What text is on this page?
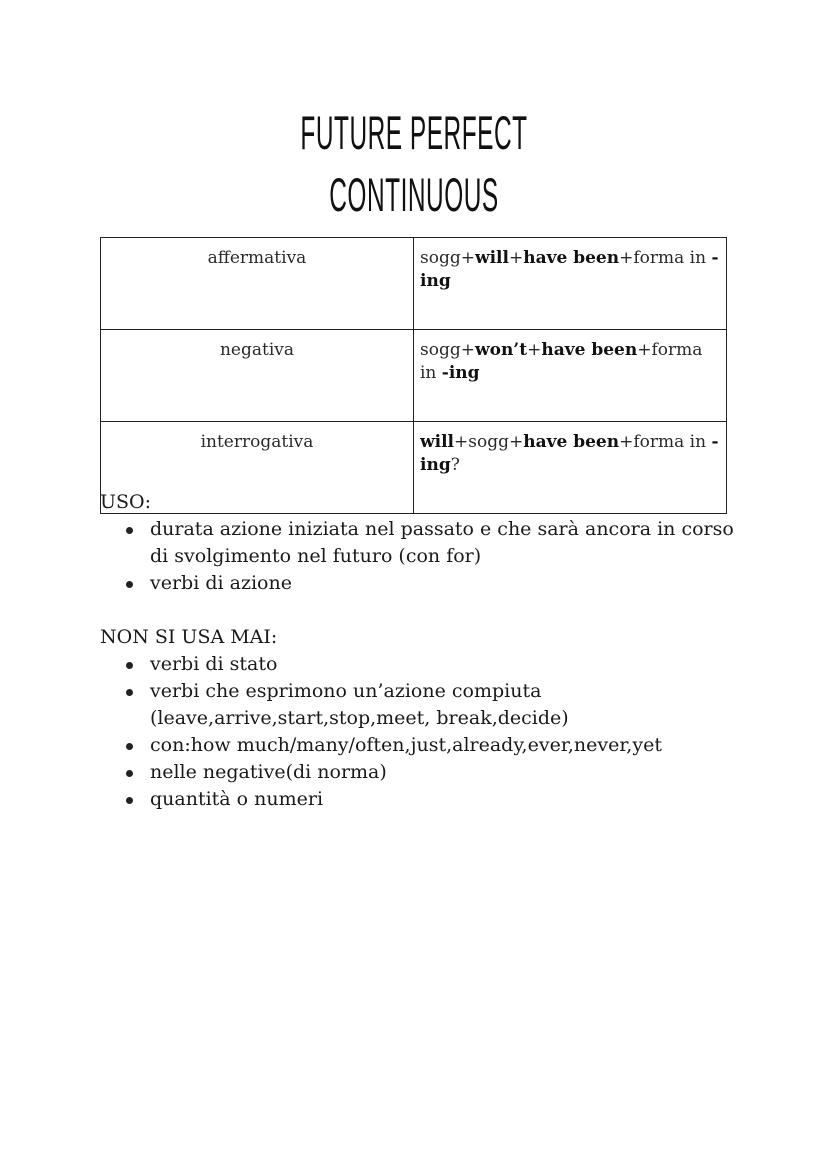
FUTURE PERFECT
CONTINUOUS
affermativa	sogg+will+have been+forma in -ing
negativa	sogg+won’t+have been+forma in -ing
interrogativa	will+sogg+have been+forma in -ing?

USO:

durata azione iniziata nel passato e che sarà ancora in corso di svolgimento nel futuro (con for)
verbi di azione

NON SI USA MAI:

verbi di stato
verbi che esprimono un’azione compiuta (leave,arrive,start,stop,meet, break,decide)
con:how much/many/often,just,already,ever,never,yet
nelle negative(di norma)
quantità o numeri
